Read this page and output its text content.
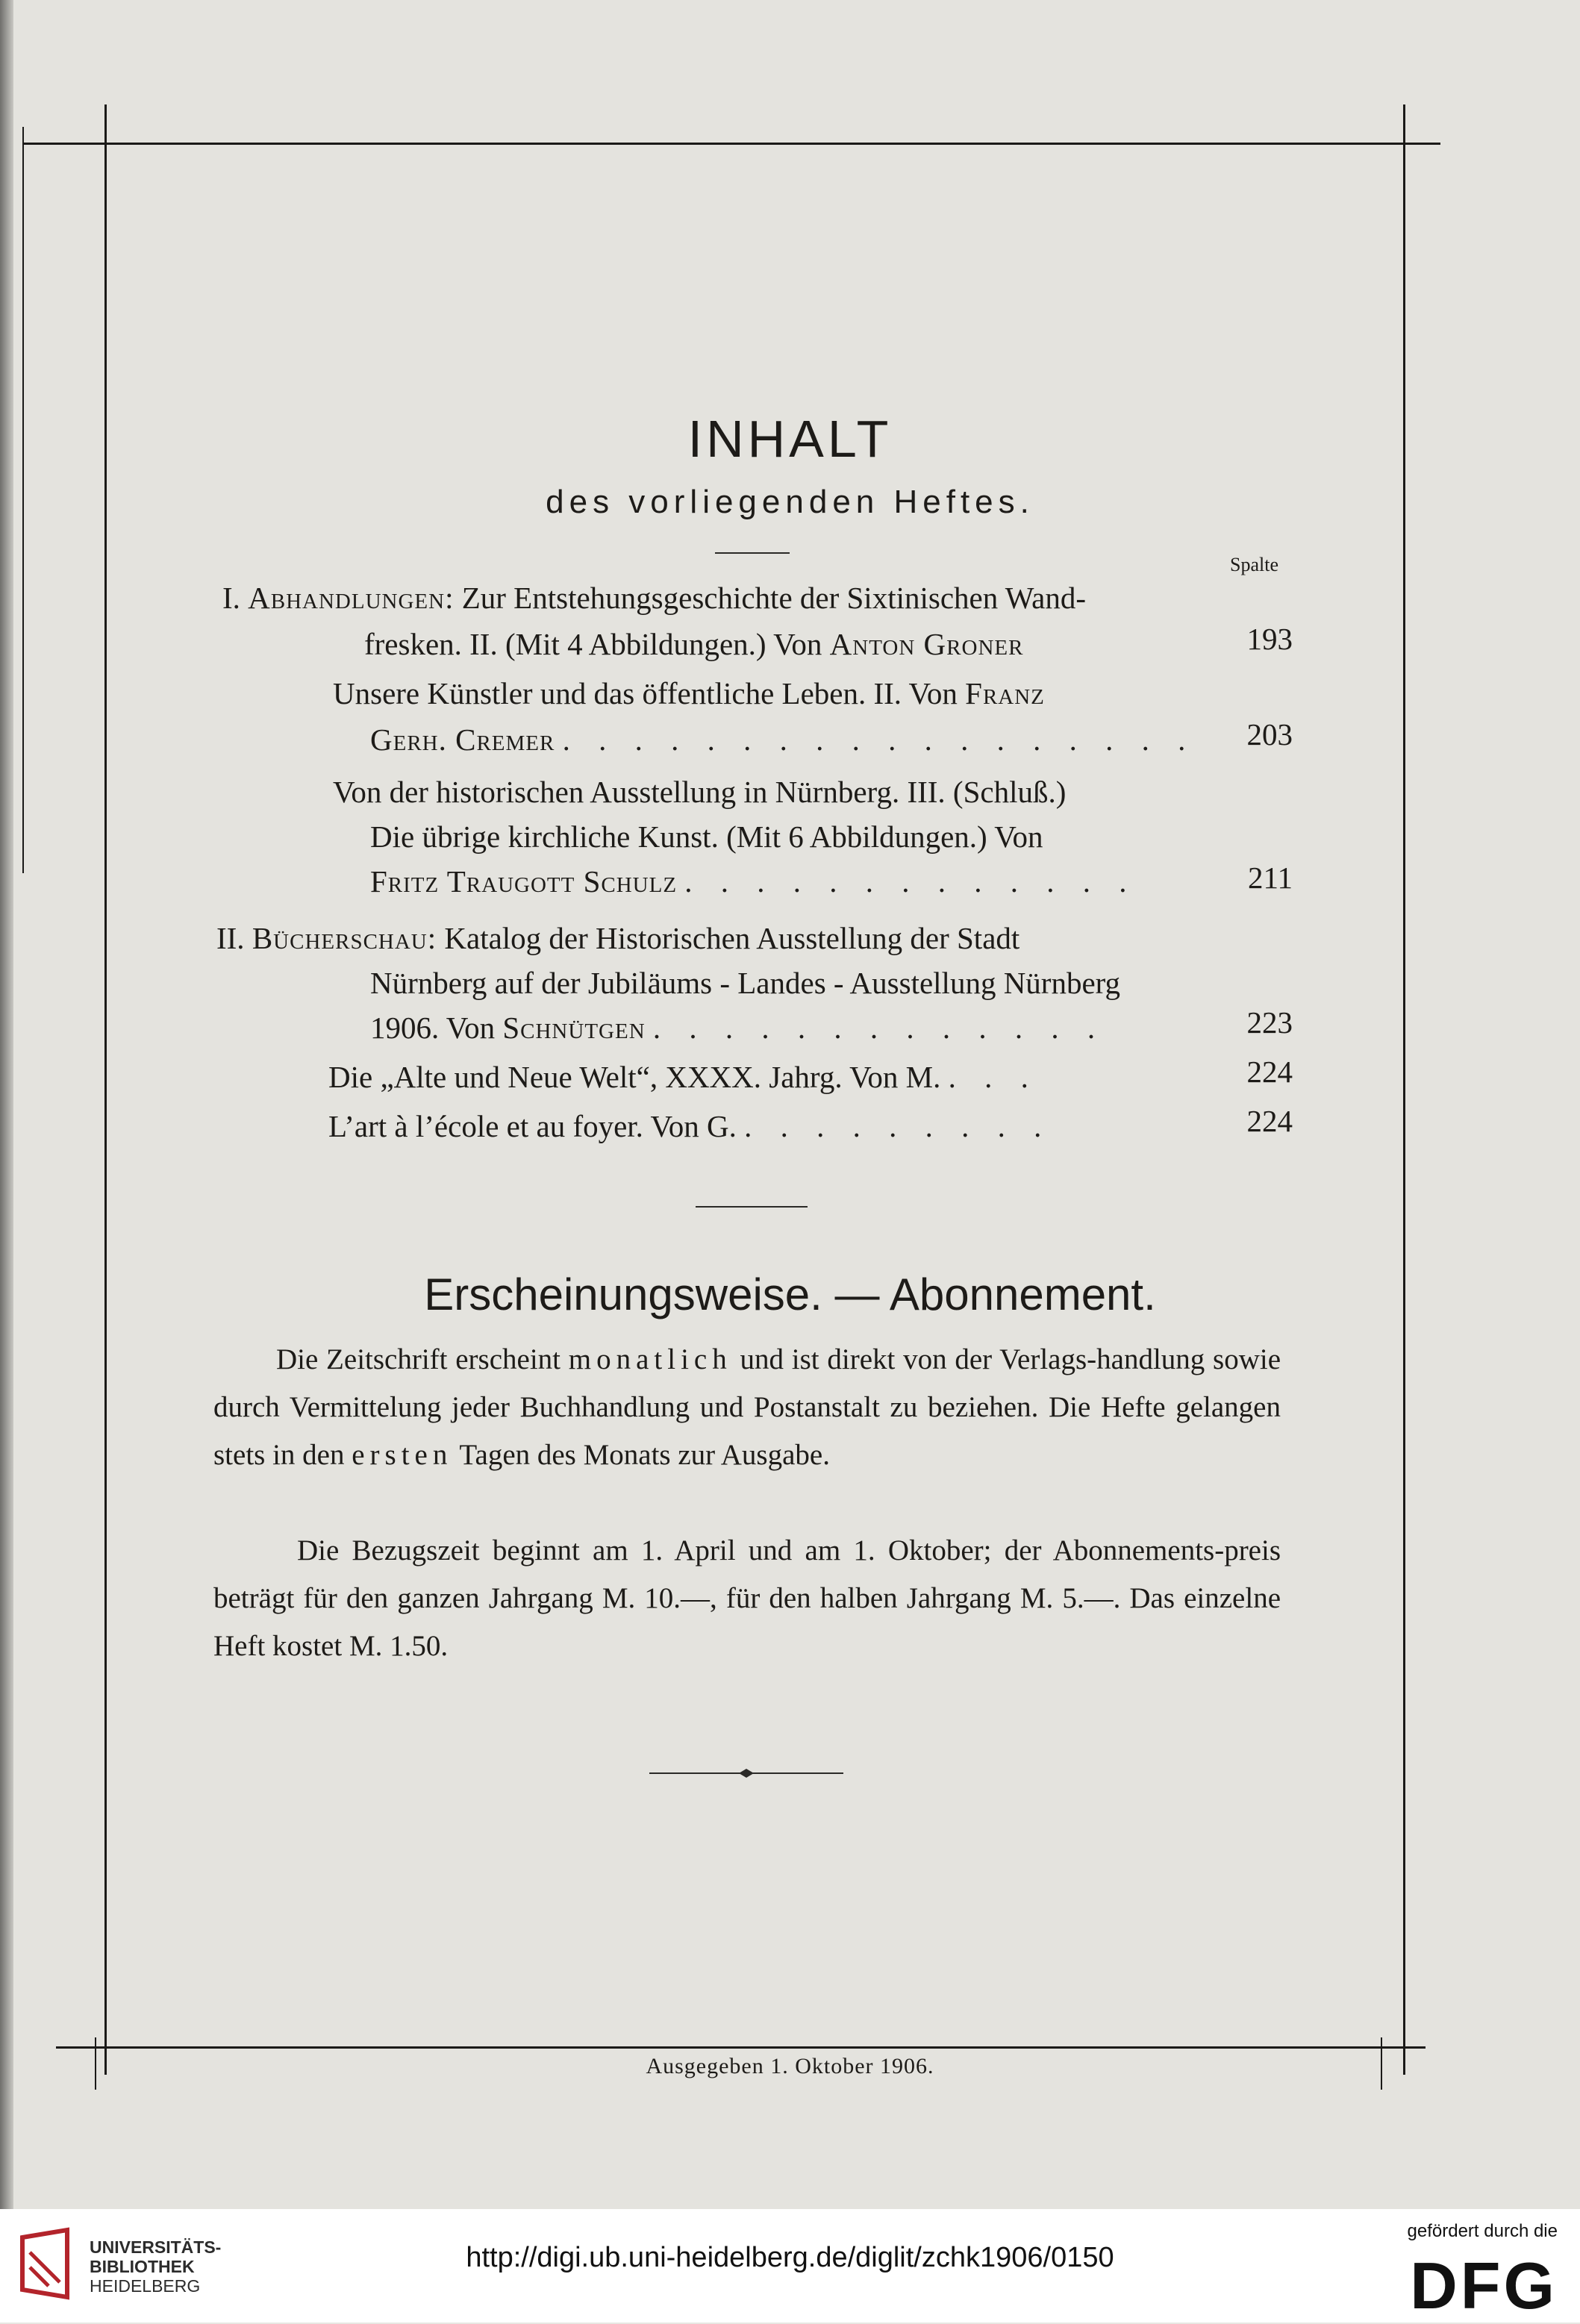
INHALT
des vorliegenden Heftes.
Spalte
I. Abhandlungen: Zur Entstehungsgeschichte der Sixtinischen Wand-
fresken. II. (Mit 4 Abbildungen.) Von Anton Groner	193
Unsere Künstler und das öffentliche Leben. II. Von Franz
Gerh. Cremer . . . . . . . . . . . . . . . . . .	203
Von der historischen Ausstellung in Nürnberg. III. (Schluß.)
Die übrige kirchliche Kunst. (Mit 6 Abbildungen.) Von
Fritz Traugott Schulz . . . . . . . . . . . . .	211
II. Bücherschau: Katalog der Historischen Ausstellung der Stadt
Nürnberg auf der Jubiläums - Landes - Ausstellung Nürnberg
1906. Von Schnütgen . . . . . . . . . . . . .	223
Die „Alte und Neue Welt“, XXXX. Jahrg. Von M. . . .	224
L’art à l’école et au foyer. Von G. . . . . . . . . .	224
Erscheinungsweise. — Abonnement.
Die Zeitschrift erscheint monatlich und ist direkt von der Verlags-handlung sowie durch Vermittelung jeder Buchhandlung und Postanstalt zu beziehen. Die Hefte gelangen stets in den ersten Tagen des Monats zur Ausgabe.
Die Bezugszeit beginnt am 1. April und am 1. Oktober; der Abonnements-preis beträgt für den ganzen Jahrgang M. 10.—, für den halben Jahrgang M. 5.—. Das einzelne Heft kostet M. 1.50.
Ausgegeben 1. Oktober 1906.
UNIVERSITÄTS-
BIBLIOTHEK
HEIDELBERG
http://digi.ub.uni-heidelberg.de/diglit/zchk1906/0150
gefördert durch die
DFG
